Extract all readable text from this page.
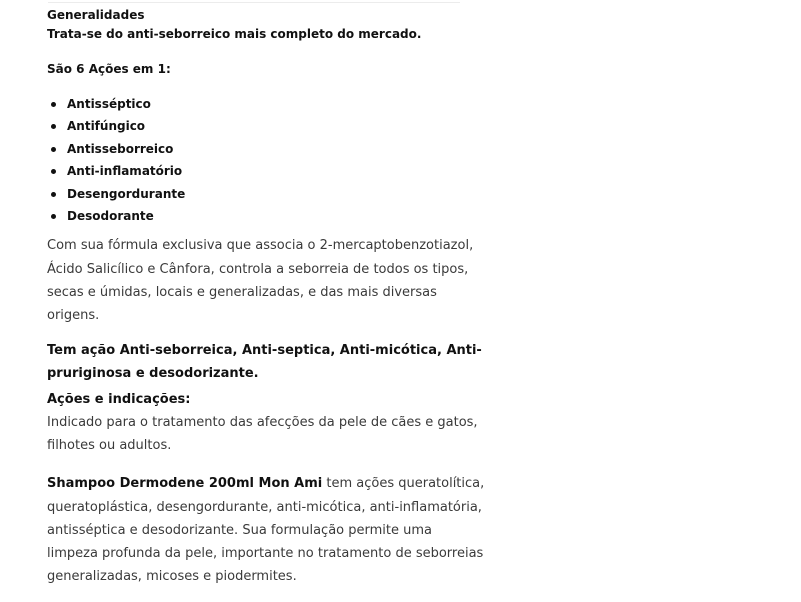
Generalidades

Trata-se do anti-seborreico mais completo do mercado.

São 6 Ações em 1:

Antisséptico
Antifúngico
Antisseborreico
Anti-inflamatório
Desengordurante
Desodorante

Com sua fórmula exclusiva que associa o 2-mercaptobenzotiazol, Ácido Salicílico e Cânfora, controla a seborreia de todos os tipos, secas e úmidas, locais e generalizadas, e das mais diversas origens.

Tem ação Anti-seborreica, Anti-septica, Anti-micótica, Anti-pruriginosa e desodorizante.

Ações e indicações:

Indicado para o tratamento das afecções da pele de cães e gatos, filhotes ou adultos.

Shampoo Dermodene 200ml Mon Ami tem ações queratolítica, queratoplástica, desengordurante, anti-micótica, anti-inflamatória, antisséptica e desodorizante. Sua formulação permite uma limpeza profunda da pele, importante no tratamento de seborreias generalizadas, micoses e piodermites.
